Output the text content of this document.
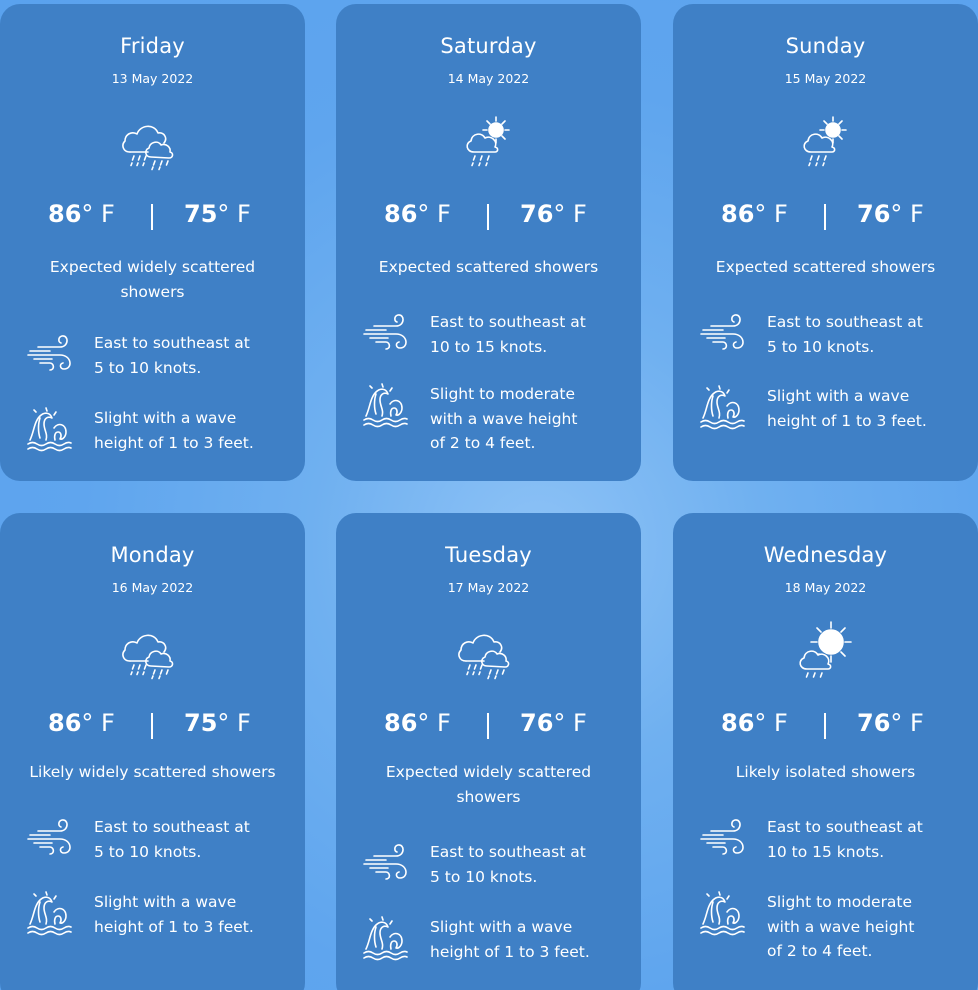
Friday
13 May 2022
86° F	75° F
Expected widely scattered
showers
East to southeast at
5 to 10 knots.
Slight with a wave
height of 1 to 3 feet.
Saturday
14 May 2022
86° F	76° F
Expected scattered showers
East to southeast at
10 to 15 knots.
Slight to moderate
with a wave height
of 2 to 4 feet.
Sunday
15 May 2022
86° F	76° F
Expected scattered showers
East to southeast at
5 to 10 knots.
Slight with a wave
height of 1 to 3 feet.
Monday
16 May 2022
86° F	75° F
Likely widely scattered showers
East to southeast at
5 to 10 knots.
Slight with a wave
height of 1 to 3 feet.
Tuesday
17 May 2022
86° F	76° F
Expected widely scattered
showers
East to southeast at
5 to 10 knots.
Slight with a wave
height of 1 to 3 feet.
Wednesday
18 May 2022
86° F	76° F
Likely isolated showers
East to southeast at
10 to 15 knots.
Slight to moderate
with a wave height
of 2 to 4 feet.
